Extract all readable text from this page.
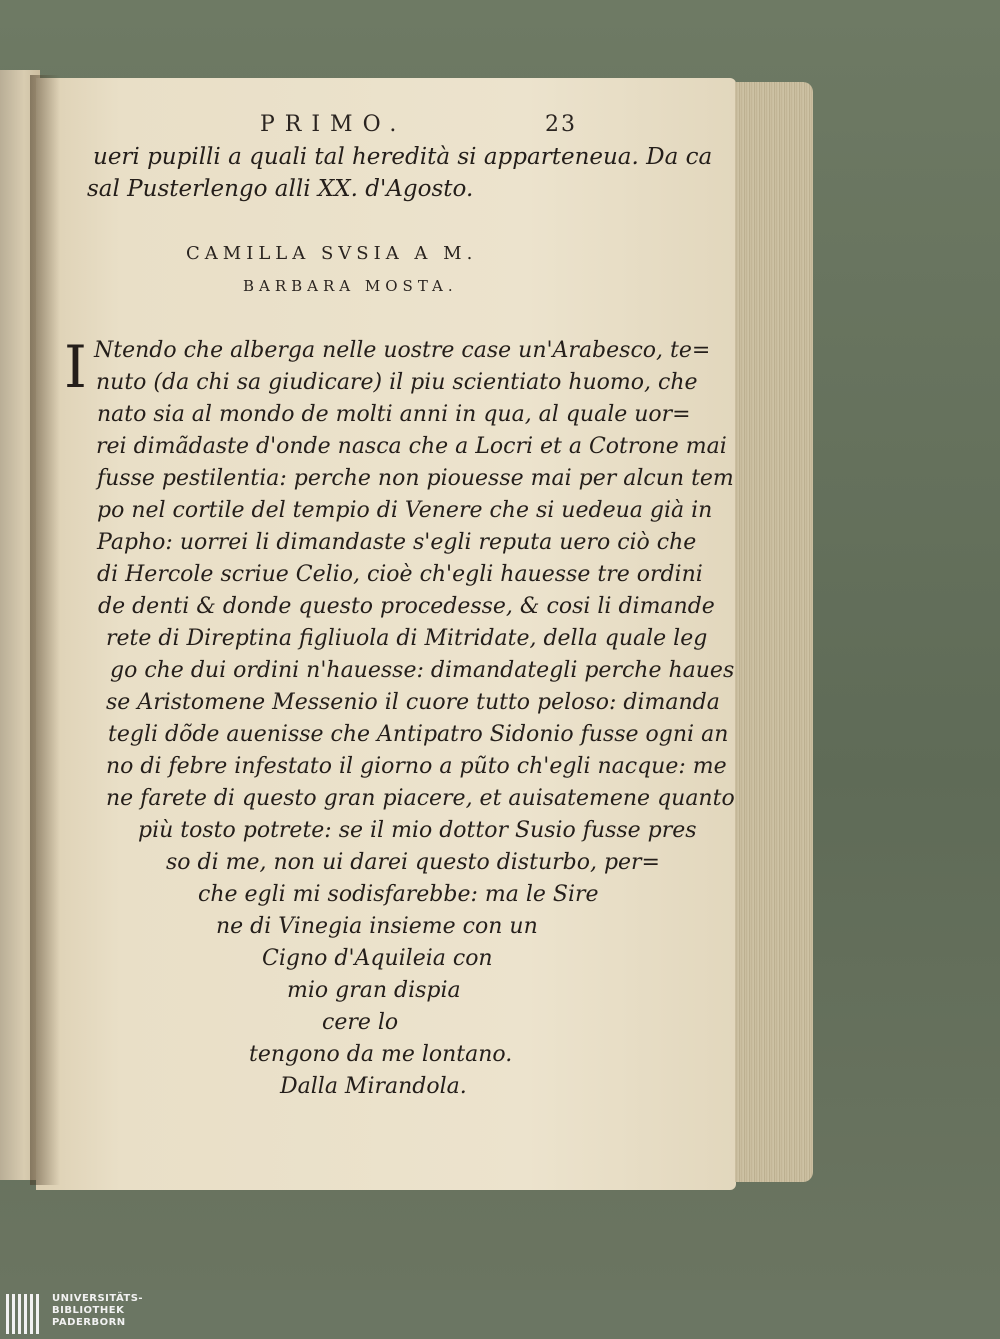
PRIMO.	23
ueri pupilli a quali tal heredità si apparteneua. Da ca
sal Pusterlengo alli XX. d'Agosto.
CAMILLA SVSIA A M.
BARBARA MOSTA.
I Ntendo che alberga nelle uostre case un'Arabesco, te=
nuto (da chi sa giudicare) il piu scientiato huomo, che
nato sia al mondo de molti anni in qua, al quale uor=
rei dimãdaste d'onde nasca che a Locri et a Cotrone mai
fusse pestilentia: perche non piouesse mai per alcun tem
po nel cortile del tempio di Venere che si uedeua già in
Papho: uorrei li dimandaste s'egli reputa uero ciò che
di Hercole scriue Celio, cioè ch'egli hauesse tre ordini
de denti & donde questo procedesse, & cosi li dimande
rete di Direptina figliuola di Mitridate, della quale leg
go che dui ordini n'hauesse: dimandategli perche haues
se Aristomene Messenio il cuore tutto peloso: dimanda
tegli dõde auenisse che Antipatro Sidonio fusse ogni an
no di febre infestato il giorno a pũto ch'egli nacque: me
ne farete di questo gran piacere, et auisatemene quanto
più tosto potrete: se il mio dottor Susio fusse pres
so di me, non ui darei questo disturbo, per=
che egli mi sodisfarebbe: ma le Sire
ne di Vinegia insieme con un
Cigno d'Aquileia con
mio gran dispia
cere lo
tengono da me lontano.
Dalla Mirandola.
UNIVERSITÄTS-
BIBLIOTHEK
PADERBORN
